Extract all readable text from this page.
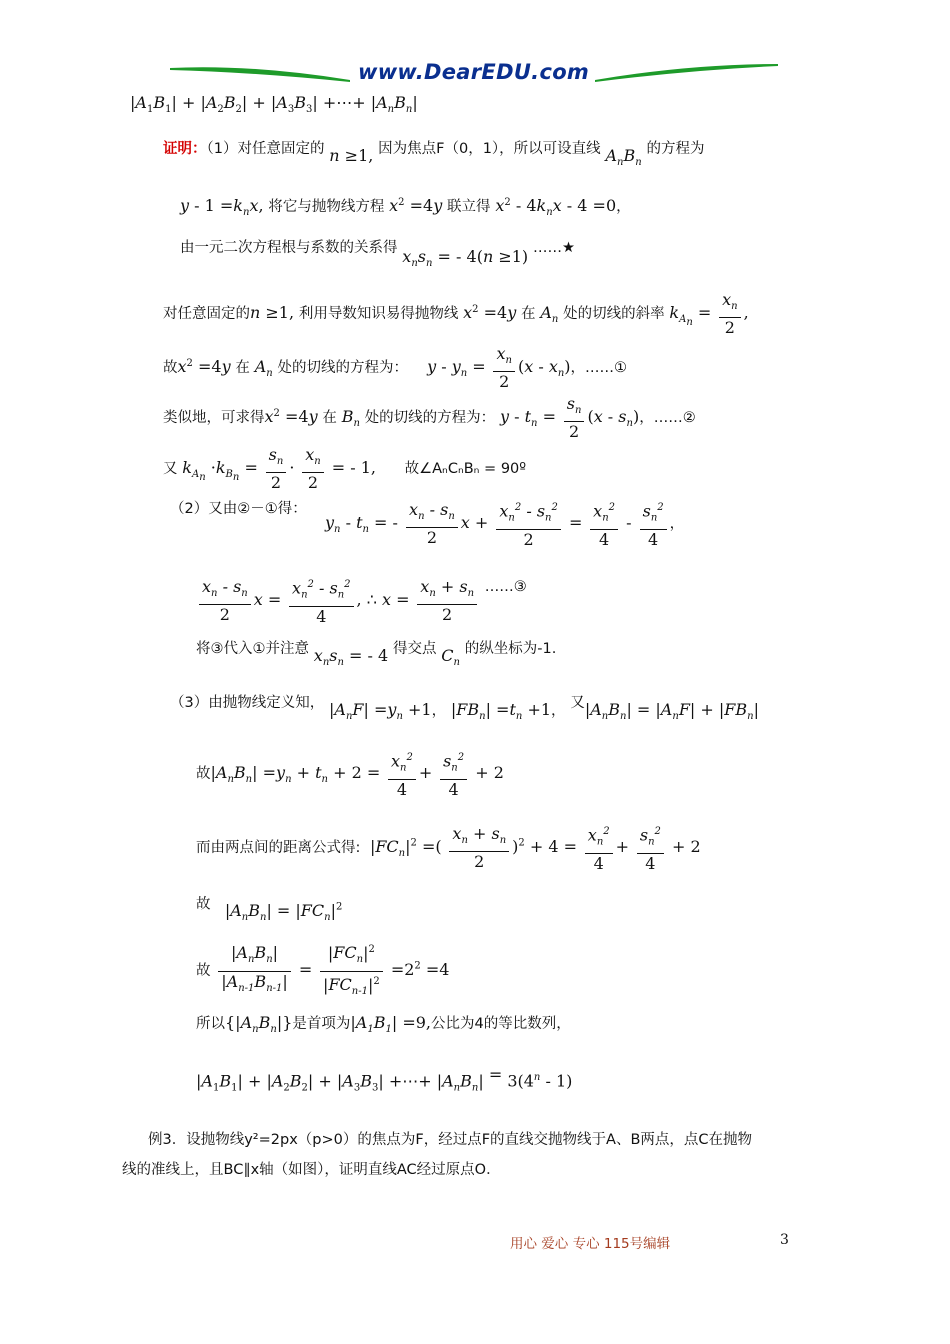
www.DearEDU.com
$|A_1B_1| + |A_2B_2| + |A_3B_3|$ +⋯+ $|A_nB_n|$
证明：（1）对任意固定的 n ≥1, 因为焦点F（0，1），所以可设直线 $A_nB_n$ 的方程为
$y - 1 =k_nx$, 将它与抛物线方程 $x^2 =4y$ 联立得 $x^2 - 4k_nx - 4 =0$，
由一元二次方程根与系数的关系得 $x_ns_n$ = - 4(n ≥1) ……★
对任意固定的n ≥1, 利用导数知识易得抛物线 $x^2 =4y$ 在 $A_n$ 处的切线的斜率 $k_{A_n} = \frac{x_n}{2}$ ,
故$x^2 =4y$ 在 $A_n$ 处的切线的方程为： $y - y_n = \frac{x_n}{2} (x - x_n)$，……①
类似地，可求得$x^2 =4y$ 在 $B_n$ 处的切线的方程为： $y - t_n = \frac{s_n}{2} (x - s_n)$，……②
又 $k_{A_n} \cdot k_{B_n} = \frac{s_n}{2} \cdot \frac{x_n}{2}$ = - 1, 故∠AₙCₙBₙ = 90º
（2）又由②－①得：
$y_n - t_n$ = - $\frac{x_n - s_n}{2}$ $x + \frac{x_n^2 - s_n^2}{2} = \frac{x_n^2}{4} - \frac{s_n^2}{4}$ ，
$\frac{x_n - s_n}{2}$ $x = \frac{x_n^2 - s_n^2}{4}$ , ∴ $x = \frac{x_n + s_n}{2}$ ……③
将③代入①并注意 $x_ns_n$ = - 4 得交点 $C_n$ 的纵坐标为-1.
（3）由抛物线定义知， $|A_nF| =y_n +1$， $|FB_n| =t_n +1$， 又$|A_nB_n| = |A_nF| + |FB_n|$
故$|A_nB_n| =y_n + t_n + 2 = \frac{x_n^2}{4} + \frac{s_n^2}{4} + 2$
而由两点间的距离公式得: $|FC_n|^2$ =( $\frac{x_n + s_n}{2} )^2 + 4 = \frac{x_n^2}{4} + \frac{s_n^2}{4} + 2$
故 $|A_nB_n| = |FC_n|^2$
故 $\frac{|A_nB_n|}{|A_{n-1}B_{n-1}|} = \frac{|FC_n|^2}{|FC_{n-1}|^2} =2^2 =4$
所以$\{|A_nB_n|\}$是首项为$|A_1B_1| =9$,公比为4的等比数列，
$|A_1B_1| + |A_2B_2| + |A_3B_3|$ +⋯+ $|A_nB_n| = 3(4^n - 1)$
例3．设抛物线y²=2px（p>0）的焦点为F，经过点F的直线交抛物线于A、B两点，点C在抛物
线的准线上，且BC∥x轴（如图），证明直线AC经过原点O．
用心 爱心 专心 115号编辑	3
